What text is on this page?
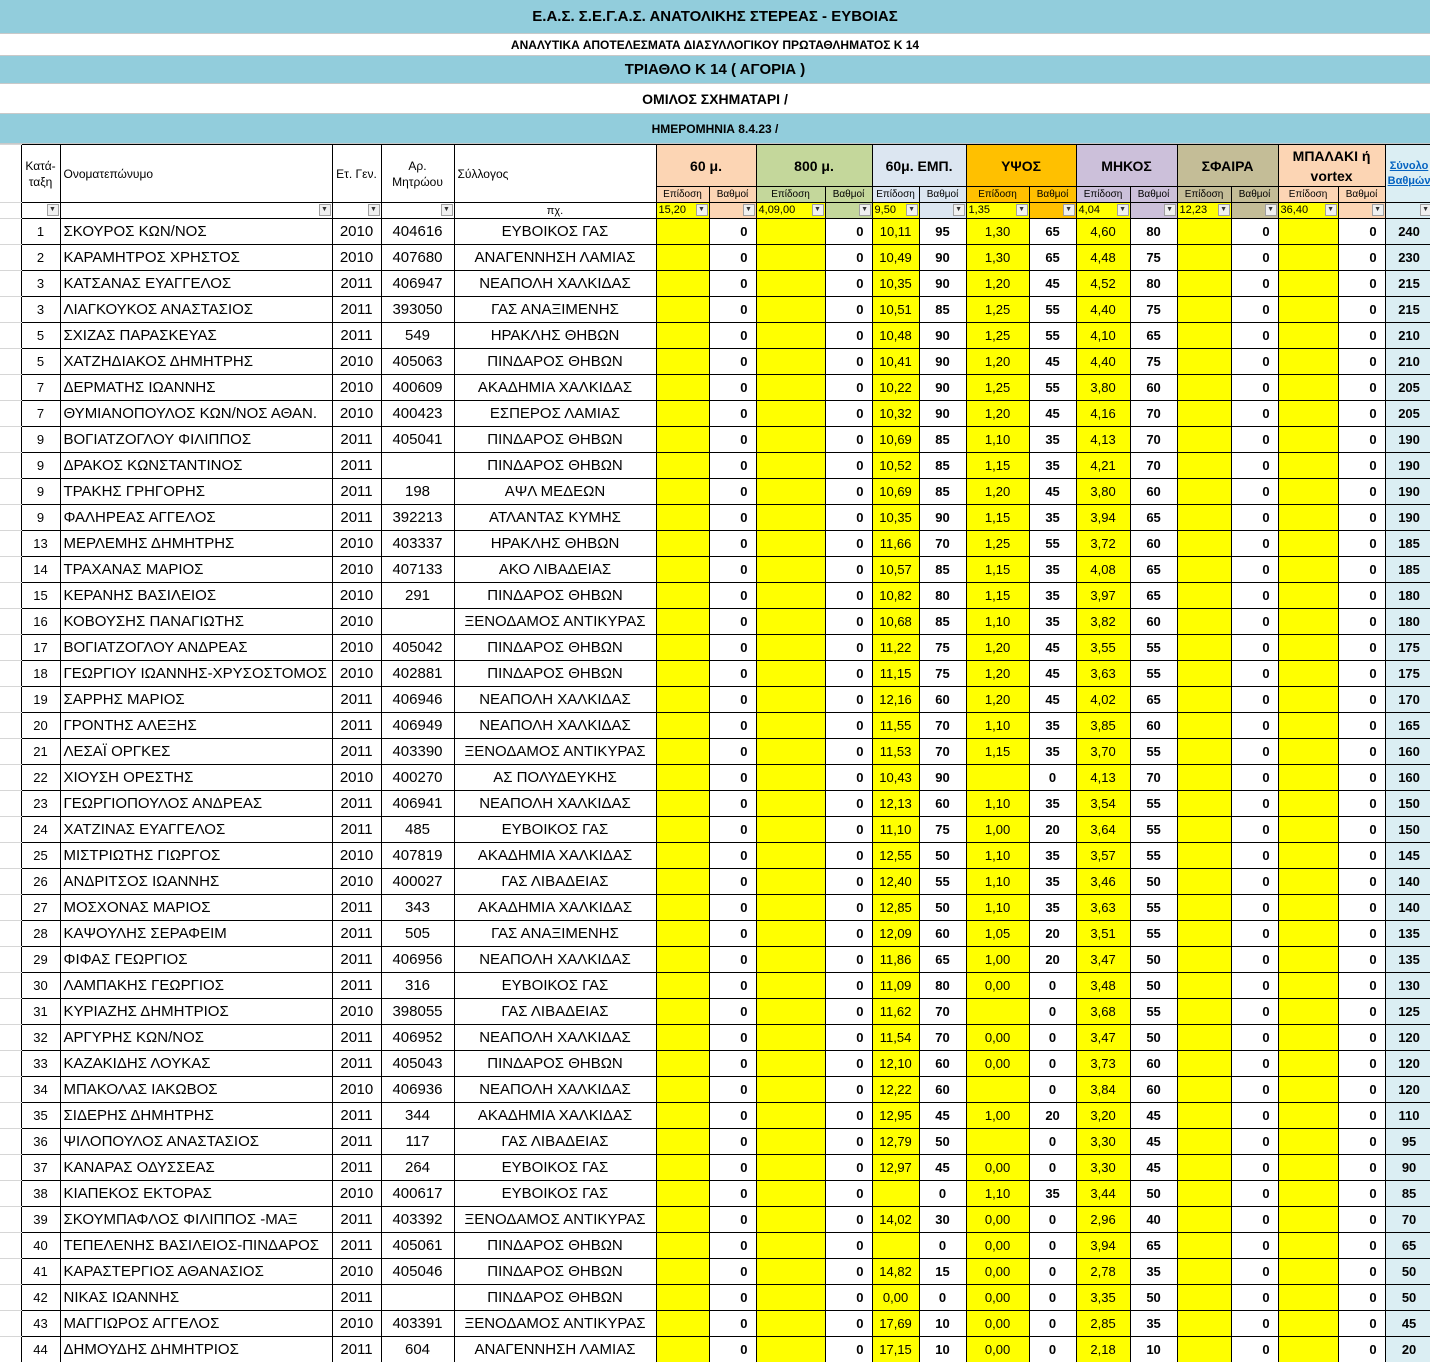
Ε.Α.Σ. Σ.Ε.Γ.Α.Σ. ΑΝΑΤΟΛΙΚΗΣ ΣΤΕΡΕΑΣ - ΕΥΒΟΙΑΣ
ΑΝΑΛΥΤΙΚΑ ΑΠΟΤΕΛΕΣΜΑΤΑ ΔΙΑΣΥΛΛΟΓΙΚΟΥ ΠΡΩΤΑΘΛΗΜΑΤΟΣ Κ 14
ΤΡΙΑΘΛΟ Κ 14 ( ΑΓΟΡΙΑ )
ΟΜΙΛΟΣ ΣΧΗΜΑΤΑΡΙ /
ΗΜΕΡΟΜΗΝΙΑ 8.4.23 /
	Κατά- ταξη	Ονοματεπώνυμο	Ετ. Γεν.	Αρ. Μητρώου	Σύλλογος	60 μ.		800 μ.		60μ. ΕΜΠ.		ΥΨΟΣ		ΜΗΚΟΣ		ΣΦΑΙΡΑ		ΜΠΑΛΑΚΙ ή vortex		Σύνολο Βαθμών
						Επίδοση	Βαθμοί	Επίδοση	Βαθμοί	Επίδοση	Βαθμοί	Επίδοση	Βαθμοί	Επίδοση	Βαθμοί	Επίδοση	Βαθμοί	Επίδοση	Βαθμοί	

	▼	▼	▼	▼	πχ.	15,20 ▼	▼	4,09,00 ▼	▼	9,50 ▼	▼	1,35 ▼	▼	4,04 ▼	▼	12,23 ▼	▼	36,40 ▼	▼	▼

	1	ΣΚΟΥΡΟΣ ΚΩΝ/ΝΟΣ	2010	404616	ΕΥΒΟΙΚΟΣ ΓΑΣ		0		0	10,11	95	1,30	65	4,60	80		0		0	240
	2	ΚΑΡΑΜΗΤΡΟΣ ΧΡΗΣΤΟΣ	2010	407680	ΑΝΑΓΕΝΝΗΣΗ ΛΑΜΙΑΣ		0		0	10,49	90	1,30	65	4,48	75		0		0	230
	3	ΚΑΤΣΑΝΑΣ ΕΥΑΓΓΕΛΟΣ	2011	406947	ΝΕΑΠΟΛΗ ΧΑΛΚΙΔΑΣ		0		0	10,35	90	1,20	45	4,52	80		0		0	215
	3	ΛΙΑΓΚΟΥΚΟΣ ΑΝΑΣΤΑΣΙΟΣ	2011	393050	ΓΑΣ ΑΝΑΞΙΜΕΝΗΣ		0		0	10,51	85	1,25	55	4,40	75		0		0	215
	5	ΣΧΙΖΑΣ ΠΑΡΑΣΚΕΥΑΣ	2011	549	ΗΡΑΚΛΗΣ ΘΗΒΩΝ		0		0	10,48	90	1,25	55	4,10	65		0		0	210
	5	ΧΑΤΖΗΔΙΑΚΟΣ ΔΗΜΗΤΡΗΣ	2010	405063	ΠΙΝΔΑΡΟΣ ΘΗΒΩΝ		0		0	10,41	90	1,20	45	4,40	75		0		0	210
	7	ΔΕΡΜΑΤΗΣ ΙΩΑΝΝΗΣ	2010	400609	ΑΚΑΔΗΜΙΑ ΧΑΛΚΙΔΑΣ		0		0	10,22	90	1,25	55	3,80	60		0		0	205
	7	ΘΥΜΙΑΝΟΠΟΥΛΟΣ ΚΩΝ/ΝΟΣ ΑΘΑΝ.	2010	400423	ΕΣΠΕΡΟΣ ΛΑΜΙΑΣ		0		0	10,32	90	1,20	45	4,16	70		0		0	205
	9	ΒΟΓΙΑΤΖΟΓΛΟΥ ΦΙΛΙΠΠΟΣ	2011	405041	ΠΙΝΔΑΡΟΣ ΘΗΒΩΝ		0		0	10,69	85	1,10	35	4,13	70		0		0	190
	9	ΔΡΑΚΟΣ ΚΩΝΣΤΑΝΤΙΝΟΣ	2011		ΠΙΝΔΑΡΟΣ ΘΗΒΩΝ		0		0	10,52	85	1,15	35	4,21	70		0		0	190
	9	ΤΡΑΚΗΣ ΓΡΗΓΟΡΗΣ	2011	198	ΑΨΛ ΜΕΔΕΩΝ		0		0	10,69	85	1,20	45	3,80	60		0		0	190
	9	ΦΑΛΗΡΕΑΣ ΑΓΓΕΛΟΣ	2011	392213	ΑΤΛΑΝΤΑΣ ΚΥΜΗΣ		0		0	10,35	90	1,15	35	3,94	65		0		0	190
	13	ΜΕΡΛΕΜΗΣ ΔΗΜΗΤΡΗΣ	2010	403337	ΗΡΑΚΛΗΣ ΘΗΒΩΝ		0		0	11,66	70	1,25	55	3,72	60		0		0	185
	14	ΤΡΑΧΑΝΑΣ ΜΑΡΙΟΣ	2010	407133	ΑΚΟ ΛΙΒΑΔΕΙΑΣ		0		0	10,57	85	1,15	35	4,08	65		0		0	185
	15	ΚΕΡΑΝΗΣ ΒΑΣΙΛΕΙΟΣ	2010	291	ΠΙΝΔΑΡΟΣ ΘΗΒΩΝ		0		0	10,82	80	1,15	35	3,97	65		0		0	180
	16	ΚΟΒΟΥΣΗΣ ΠΑΝΑΓΙΩΤΗΣ	2010		ΞΕΝΟΔΑΜΟΣ ΑΝΤΙΚΥΡΑΣ		0		0	10,68	85	1,10	35	3,82	60		0		0	180
	17	ΒΟΓΙΑΤΖΟΓΛΟΥ ΑΝΔΡΕΑΣ	2010	405042	ΠΙΝΔΑΡΟΣ ΘΗΒΩΝ		0		0	11,22	75	1,20	45	3,55	55		0		0	175
	18	ΓΕΩΡΓΙΟΥ ΙΩΑΝΝΗΣ-ΧΡΥΣΟΣΤΟΜΟΣ	2010	402881	ΠΙΝΔΑΡΟΣ ΘΗΒΩΝ		0		0	11,15	75	1,20	45	3,63	55		0		0	175
	19	ΣΑΡΡΗΣ ΜΑΡΙΟΣ	2011	406946	ΝΕΑΠΟΛΗ ΧΑΛΚΙΔΑΣ		0		0	12,16	60	1,20	45	4,02	65		0		0	170
	20	ΓΡΟΝΤΗΣ ΑΛΕΞΗΣ	2011	406949	ΝΕΑΠΟΛΗ ΧΑΛΚΙΔΑΣ		0		0	11,55	70	1,10	35	3,85	60		0		0	165
	21	ΛΕΣΑΪ ΟΡΓΚΕΣ	2011	403390	ΞΕΝΟΔΑΜΟΣ ΑΝΤΙΚΥΡΑΣ		0		0	11,53	70	1,15	35	3,70	55		0		0	160
	22	ΧΙΟΥΣΗ ΟΡΕΣΤΗΣ	2010	400270	ΑΣ ΠΟΛΥΔΕΥΚΗΣ		0		0	10,43	90		0	4,13	70		0		0	160
	23	ΓΕΩΡΓΙΟΠΟΥΛΟΣ ΑΝΔΡΕΑΣ	2011	406941	ΝΕΑΠΟΛΗ ΧΑΛΚΙΔΑΣ		0		0	12,13	60	1,10	35	3,54	55		0		0	150
	24	ΧΑΤΖΙΝΑΣ ΕΥΑΓΓΕΛΟΣ	2011	485	ΕΥΒΟΙΚΟΣ ΓΑΣ		0		0	11,10	75	1,00	20	3,64	55		0		0	150
	25	ΜΙΣΤΡΙΩΤΗΣ ΓΙΩΡΓΟΣ	2010	407819	ΑΚΑΔΗΜΙΑ ΧΑΛΚΙΔΑΣ		0		0	12,55	50	1,10	35	3,57	55		0		0	145
	26	ΑΝΔΡΙΤΣΟΣ ΙΩΑΝΝΗΣ	2010	400027	ΓΑΣ ΛΙΒΑΔΕΙΑΣ		0		0	12,40	55	1,10	35	3,46	50		0		0	140
	27	ΜΟΣΧΟΝΑΣ ΜΑΡΙΟΣ	2011	343	ΑΚΑΔΗΜΙΑ ΧΑΛΚΙΔΑΣ		0		0	12,85	50	1,10	35	3,63	55		0		0	140
	28	ΚΑΨΟΥΛΗΣ ΣΕΡΑΦΕΙΜ	2011	505	ΓΑΣ ΑΝΑΞΙΜΕΝΗΣ		0		0	12,09	60	1,05	20	3,51	55		0		0	135
	29	ΦΙΦΑΣ ΓΕΩΡΓΙΟΣ	2011	406956	ΝΕΑΠΟΛΗ ΧΑΛΚΙΔΑΣ		0		0	11,86	65	1,00	20	3,47	50		0		0	135
	30	ΛΑΜΠΑΚΗΣ ΓΕΩΡΓΙΟΣ	2011	316	ΕΥΒΟΙΚΟΣ ΓΑΣ		0		0	11,09	80	0,00	0	3,48	50		0		0	130
	31	ΚΥΡΙΑΖΗΣ ΔΗΜΗΤΡΙΟΣ	2010	398055	ΓΑΣ ΛΙΒΑΔΕΙΑΣ		0		0	11,62	70		0	3,68	55		0		0	125
	32	ΑΡΓΥΡΗΣ ΚΩΝ/ΝΟΣ	2011	406952	ΝΕΑΠΟΛΗ ΧΑΛΚΙΔΑΣ		0		0	11,54	70	0,00	0	3,47	50		0		0	120
	33	ΚΑΖΑΚΙΔΗΣ ΛΟΥΚΑΣ	2011	405043	ΠΙΝΔΑΡΟΣ ΘΗΒΩΝ		0		0	12,10	60	0,00	0	3,73	60		0		0	120
	34	ΜΠΑΚΟΛΑΣ ΙΑΚΩΒΟΣ	2010	406936	ΝΕΑΠΟΛΗ ΧΑΛΚΙΔΑΣ		0		0	12,22	60		0	3,84	60		0		0	120
	35	ΣΙΔΕΡΗΣ ΔΗΜΗΤΡΗΣ	2011	344	ΑΚΑΔΗΜΙΑ ΧΑΛΚΙΔΑΣ		0		0	12,95	45	1,00	20	3,20	45		0		0	110
	36	ΨΙΛΟΠΟΥΛΟΣ ΑΝΑΣΤΑΣΙΟΣ	2011	117	ΓΑΣ ΛΙΒΑΔΕΙΑΣ		0		0	12,79	50		0	3,30	45		0		0	95
	37	ΚΑΝΑΡΑΣ ΟΔΥΣΣΕΑΣ	2011	264	ΕΥΒΟΙΚΟΣ ΓΑΣ		0		0	12,97	45	0,00	0	3,30	45		0		0	90
	38	ΚΙΑΠΕΚΟΣ ΕΚΤΟΡΑΣ	2010	400617	ΕΥΒΟΙΚΟΣ ΓΑΣ		0		0		0	1,10	35	3,44	50		0		0	85
	39	ΣΚΟΥΜΠΑΦΛΟΣ ΦΙΛΙΠΠΟΣ -ΜΑΞ	2011	403392	ΞΕΝΟΔΑΜΟΣ ΑΝΤΙΚΥΡΑΣ		0		0	14,02	30	0,00	0	2,96	40		0		0	70
	40	ΤΕΠΕΛΕΝΗΣ ΒΑΣΙΛΕΙΟΣ-ΠΙΝΔΑΡΟΣ	2011	405061	ΠΙΝΔΑΡΟΣ ΘΗΒΩΝ		0		0		0	0,00	0	3,94	65		0		0	65
	41	ΚΑΡΑΣΤΕΡΓΙΟΣ ΑΘΑΝΑΣΙΟΣ	2010	405046	ΠΙΝΔΑΡΟΣ ΘΗΒΩΝ		0		0	14,82	15	0,00	0	2,78	35		0		0	50
	42	ΝΙΚΑΣ ΙΩΑΝΝΗΣ	2011		ΠΙΝΔΑΡΟΣ ΘΗΒΩΝ		0		0	0,00	0	0,00	0	3,35	50		0		0	50
	43	ΜΑΓΓΙΩΡΟΣ ΑΓΓΕΛΟΣ	2010	403391	ΞΕΝΟΔΑΜΟΣ ΑΝΤΙΚΥΡΑΣ		0		0	17,69	10	0,00	0	2,85	35		0		0	45
	44	ΔΗΜΟΥΔΗΣ ΔΗΜΗΤΡΙΟΣ	2011	604	ΑΝΑΓΕΝΝΗΣΗ ΛΑΜΙΑΣ		0		0	17,15	10	0,00	0	2,18	10		0		0	20
